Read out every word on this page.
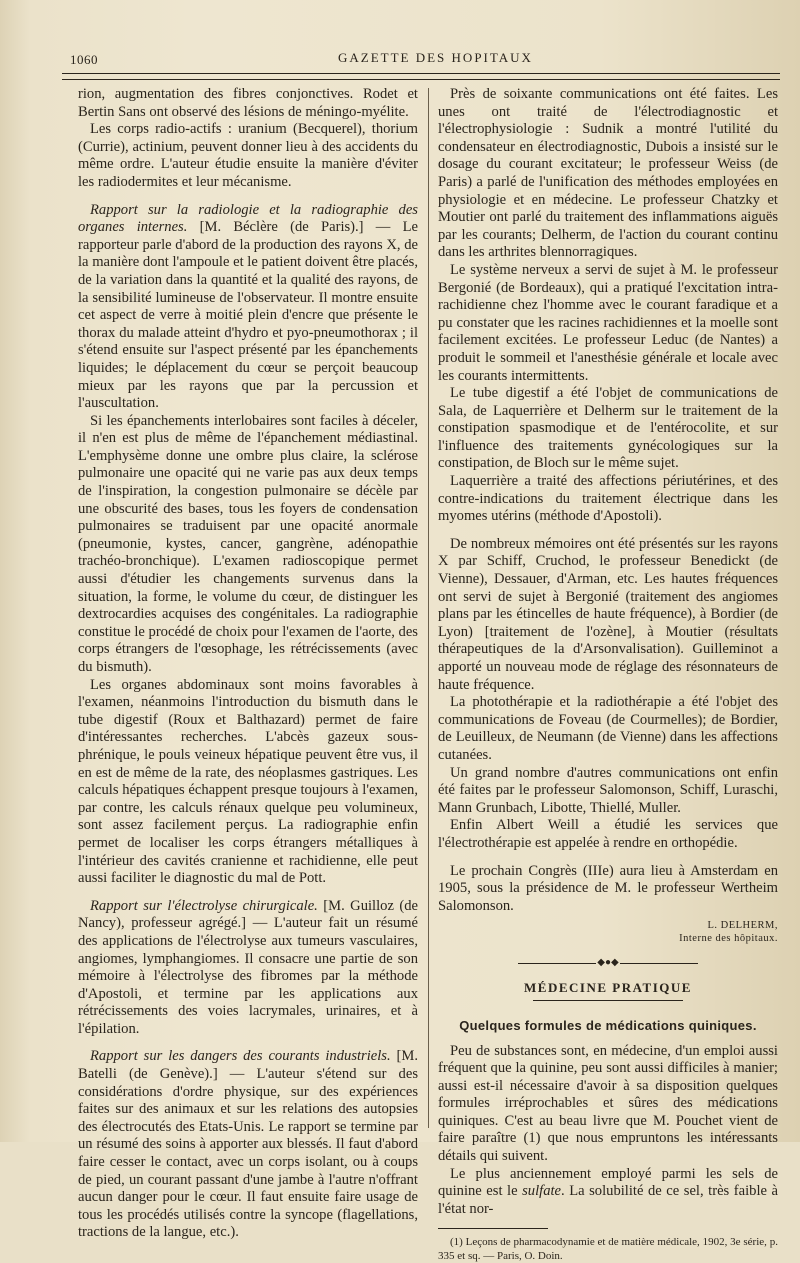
1060	GAZETTE DES HOPITAUX

rion, augmentation des fibres conjonctives. Rodet et Bertin Sans ont observé des lésions de méningo-myélite.

Les corps radio-actifs : uranium (Becquerel), thorium (Currie), actinium, peuvent donner lieu à des accidents du même ordre. L'auteur étudie ensuite la manière d'éviter les radiodermites et leur mécanisme.

Rapport sur la radiologie et la radiographie des organes internes. [M. Béclère (de Paris).] — Le rapporteur parle d'abord de la production des rayons X, de la manière dont l'ampoule et le patient doivent être placés, de la variation dans la quantité et la qualité des rayons, de la sensibilité lumineuse de l'observateur. Il montre ensuite cet aspect de verre à moitié plein d'encre que présente le thorax du malade atteint d'hydro et pyo-pneumothorax ; il s'étend ensuite sur l'aspect présenté par les épanchements liquides; le déplacement du cœur se perçoit beaucoup mieux par les rayons que par la percussion et l'auscultation.

Si les épanchements interlobaires sont faciles à déceler, il n'en est plus de même de l'épanchement médiastinal. L'emphysème donne une ombre plus claire, la sclérose pulmonaire une opacité qui ne varie pas aux deux temps de l'inspiration, la congestion pulmonaire se décèle par une obscurité des bases, tous les foyers de condensation pulmonaires se traduisent par une opacité anormale (pneumonie, kystes, cancer, gangrène, adénopathie trachéo-bronchique). L'examen radioscopique permet aussi d'étudier les changements survenus dans la situation, la forme, le volume du cœur, de distinguer les dextrocardies acquises des congénitales. La radiographie constitue le procédé de choix pour l'examen de l'aorte, des corps étrangers de l'œsophage, les rétrécissements (avec du bismuth).

Les organes abdominaux sont moins favorables à l'examen, néanmoins l'introduction du bismuth dans le tube digestif (Roux et Balthazard) permet de faire d'intéressantes recherches. L'abcès gazeux sous-phrénique, le pouls veineux hépatique peuvent être vus, il en est de même de la rate, des néoplasmes gastriques. Les calculs hépatiques échappent presque toujours à l'examen, par contre, les calculs rénaux quelque peu volumineux, sont assez facilement perçus. La radiographie enfin permet de localiser les corps étrangers métalliques à l'intérieur des cavités cranienne et rachidienne, elle peut aussi faciliter le diagnostic du mal de Pott.

Rapport sur l'électrolyse chirurgicale. [M. Guilloz (de Nancy), professeur agrégé.] — L'auteur fait un résumé des applications de l'électrolyse aux tumeurs vasculaires, angiomes, lymphangiomes. Il consacre une partie de son mémoire à l'électrolyse des fibromes par la méthode d'Apostoli, et termine par les applications aux rétrécissements des voies lacrymales, urinaires, et à l'épilation.

Rapport sur les dangers des courants industriels. [M. Batelli (de Genève).] — L'auteur s'étend sur des considérations d'ordre physique, sur des expériences faites sur des animaux et sur les relations des autopsies des électrocutés des Etats-Unis. Le rapport se termine par un résumé des soins à apporter aux blessés. Il faut d'abord faire cesser le contact, avec un corps isolant, ou à coups de pied, un courant passant d'une jambe à l'autre n'offrant aucun danger pour le cœur. Il faut ensuite faire usage de tous les procédés utilisés contre la syncope (flagellations, tractions de la langue, etc.).

Près de soixante communications ont été faites. Les unes ont traité de l'électrodiagnostic et l'électrophysiologie : Sudnik a montré l'utilité du condensateur en électrodiagnostic, Dubois a insisté sur le dosage du courant excitateur; le professeur Weiss (de Paris) a parlé de l'unification des méthodes employées en physiologie et en médecine. Le professeur Chatzky et Moutier ont parlé du traitement des inflammations aiguës par les courants; Delherm, de l'action du courant continu dans les arthrites blennorragiques.

Le système nerveux a servi de sujet à M. le professeur Bergonié (de Bordeaux), qui a pratiqué l'excitation intra-rachidienne chez l'homme avec le courant faradique et a pu constater que les racines rachidiennes et la moelle sont facilement excitées. Le professeur Leduc (de Nantes) a produit le sommeil et l'anesthésie générale et locale avec les courants intermittents.

Le tube digestif a été l'objet de communications de Sala, de Laquerrière et Delherm sur le traitement de la constipation spasmodique et de l'entérocolite, et sur l'influence des traitements gynécologiques sur la constipation, de Bloch sur le même sujet.

Laquerrière a traité des affections périutérines, et des contre-indications du traitement électrique dans les myomes utérins (méthode d'Apostoli).

De nombreux mémoires ont été présentés sur les rayons X par Schiff, Cruchod, le professeur Benedickt (de Vienne), Dessauer, d'Arman, etc. Les hautes fréquences ont servi de sujet à Bergonié (traitement des angiomes plans par les étincelles de haute fréquence), à Bordier (de Lyon) [traitement de l'ozène], à Moutier (résultats thérapeutiques de la d'Arsonvalisation). Guilleminot a apporté un nouveau mode de réglage des résonnateurs de haute fréquence.

La photothérapie et la radiothérapie a été l'objet des communications de Foveau (de Courmelles); de Bordier, de Leuilleux, de Neumann (de Vienne) dans les affections cutanées.

Un grand nombre d'autres communications ont enfin été faites par le professeur Salomonson, Schiff, Luraschi, Mann Grunbach, Libotte, Thiellé, Muller.

Enfin Albert Weill a étudié les services que l'électrothérapie est appelée à rendre en orthopédie.

Le prochain Congrès (IIIe) aura lieu à Amsterdam en 1905, sous la présidence de M. le professeur Wertheim Salomonson.

L. DELHERM,
Interne des hôpitaux.
◆●◆
MÉDECINE PRATIQUE
Quelques formules de médications quiniques.

Peu de substances sont, en médecine, d'un emploi aussi fréquent que la quinine, peu sont aussi difficiles à manier; aussi est-il nécessaire d'avoir à sa disposition quelques formules irréprochables et sûres des médications quiniques. C'est au beau livre que M. Pouchet vient de faire paraître (1) que nous empruntons les intéressants détails qui suivent.

Le plus anciennement employé parmi les sels de quinine est le sulfate. La solubilité de ce sel, très faible à l'état nor-

(1) Leçons de pharmacodynamie et de matière médicale, 1902, 3e série, p. 335 et sq. — Paris, O. Doin.
